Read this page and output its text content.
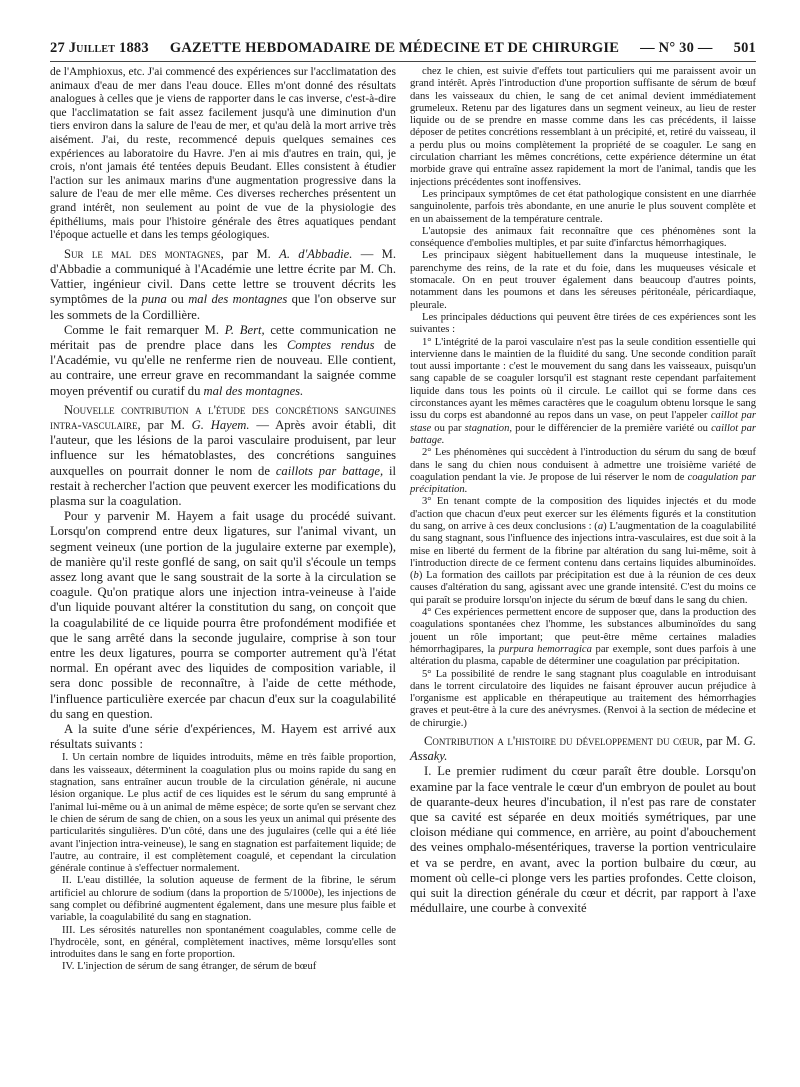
27 Juillet 1883 GAZETTE HEBDOMADAIRE DE MÉDECINE ET DE CHIRURGIE — N° 30 — 501

de l'Amphioxus, etc. J'ai commencé des expériences sur l'acclimatation des animaux d'eau de mer dans l'eau douce. Elles m'ont donné des résultats analogues à celles que je viens de rapporter dans le cas inverse, c'est-à-dire que l'acclimatation se fait assez facilement jusqu'à une diminution d'un tiers environ dans la salure de l'eau de mer, et qu'au delà la mort arrive très aisément. J'ai, du reste, recommencé depuis quelques semaines ces expériences au laboratoire du Havre. J'en ai mis d'autres en train, qui, je crois, n'ont jamais été tentées depuis Beudant. Elles consistent à étudier l'action sur les animaux marins d'une augmentation progressive dans la salure de l'eau de mer elle même. Ces diverses recherches présentent un grand intérêt, non seulement au point de vue de la physiologie des épithéliums, mais pour l'histoire générale des êtres aquatiques pendant l'époque actuelle et dans les temps géologiques.

Sur le mal des montagnes, par M. A. d'Abbadie. — M. d'Abbadie a communiqué à l'Académie une lettre écrite par M. Ch. Vattier, ingénieur civil. Dans cette lettre se trouvent décrits les symptômes de la puna ou mal des montagnes que l'on observe sur les sommets de la Cordillière.

Comme le fait remarquer M. P. Bert, cette communication ne méritait pas de prendre place dans les Comptes rendus de l'Académie, vu qu'elle ne renferme rien de nouveau. Elle contient, au contraire, une erreur grave en recommandant la saignée comme moyen préventif ou curatif du mal des montagnes.

Nouvelle contribution a l'étude des concrétions sanguines intra-vasculaire, par M. G. Hayem. — Après avoir établi, dit l'auteur, que les lésions de la paroi vasculaire produisent, par leur influence sur les hématoblastes, des concrétions sanguines auxquelles on pourrait donner le nom de caillots par battage, il restait à rechercher l'action que peuvent exercer les modifications du plasma sur la coagulation.

Pour y parvenir M. Hayem a fait usage du procédé suivant. Lorsqu'on comprend entre deux ligatures, sur l'animal vivant, un segment veineux (une portion de la jugulaire externe par exemple), de manière qu'il reste gonflé de sang, on sait qu'il s'écoule un temps assez long avant que le sang soustrait de la sorte à la circulation se coagule. Qu'on pratique alors une injection intra-veineuse à l'aide d'un liquide pouvant altérer la constitution du sang, on conçoit que la coagulabilité de ce liquide pourra être profondément modifiée et que le sang arrêté dans la seconde jugulaire, comprise à son tour entre les deux ligatures, pourra se comporter autrement qu'à l'état normal. En opérant avec des liquides de composition variable, il sera donc possible de reconnaître, à l'aide de cette méthode, l'influence particulière exercée par chacun d'eux sur la coagulabilité du sang en question.

A la suite d'une série d'expériences, M. Hayem est arrivé aux résultats suivants :

I. Un certain nombre de liquides introduits, même en très faible proportion, dans les vaisseaux, déterminent la coagulation plus ou moins rapide du sang en stagnation, sans entraîner aucun trouble de la circulation générale, ni aucune lésion organique. Le plus actif de ces liquides est le sérum du sang emprunté à l'animal lui-même ou à un animal de même espèce; de sorte qu'en se servant chez le chien de sérum de sang de chien, on a sous les yeux un animal qui présente des particularités singulières. D'un côté, dans une des jugulaires (celle qui a été liée avant l'injection intra-veineuse), le sang en stagnation est parfaitement liquide; de l'autre, au contraire, il est complètement coagulé, et cependant la circulation générale continue à s'effectuer normalement.

II. L'eau distillée, la solution aqueuse de ferment de la fibrine, le sérum artificiel au chlorure de sodium (dans la proportion de 5/1000e), les injections de sang complet ou défibriné augmentent également, dans une mesure plus faible et variable, la coagulabilité du sang en stagnation.

III. Les sérosités naturelles non spontanément coagulables, comme celle de l'hydrocèle, sont, en général, complètement inactives, même lorsqu'elles sont introduites dans le sang en forte proportion.

IV. L'injection de sérum de sang étranger, de sérum de bœuf

chez le chien, est suivie d'effets tout particuliers qui me paraissent avoir un grand intérêt. Après l'introduction d'une proportion suffisante de sérum de bœuf dans les vaisseaux du chien, le sang de cet animal devient immédiatement grumeleux. Retenu par des ligatures dans un segment veineux, au lieu de rester liquide ou de se prendre en masse comme dans les cas précédents, il laisse déposer de petites concrétions ressemblant à un précipité, et, retiré du vaisseau, il a perdu plus ou moins complètement la propriété de se coaguler. Le sang en circulation charriant les mêmes concrétions, cette expérience détermine un état morbide grave qui entraîne assez rapidement la mort de l'animal, tandis que les injections précédentes sont inoffensives.

Les principaux symptômes de cet état pathologique consistent en une diarrhée sanguinolente, parfois très abondante, en une anurie le plus souvent complète et en un abaissement de la température centrale.

L'autopsie des animaux fait reconnaître que ces phénomènes sont la conséquence d'embolies multiples, et par suite d'infarctus hémorrhagiques.

Les principaux siègent habituellement dans la muqueuse intestinale, le parenchyme des reins, de la rate et du foie, dans les muqueuses vésicale et stomacale. On en peut trouver également dans beaucoup d'autres points, notamment dans les poumons et dans les séreuses péritonéale, péricardiaque, pleurale.

Les principales déductions qui peuvent être tirées de ces expériences sont les suivantes :

1° L'intégrité de la paroi vasculaire n'est pas la seule condition essentielle qui intervienne dans le maintien de la fluidité du sang. Une seconde condition paraît tout aussi importante : c'est le mouvement du sang dans les vaisseaux, puisqu'un sang capable de se coaguler lorsqu'il est stagnant reste cependant parfaitement liquide dans tous les points où il circule. Le caillot qui se forme dans ces circonstances ayant les mêmes caractères que le coagulum obtenu lorsque le sang issu du corps est abandonné au repos dans un vase, on peut l'appeler caillot par stase ou par stagnation, pour le différencier de la première variété ou caillot par battage.

2° Les phénomènes qui succèdent à l'introduction du sérum du sang de bœuf dans le sang du chien nous conduisent à admettre une troisième variété de coagulation pendant la vie. Je propose de lui réserver le nom de coagulation par précipitation.

3° En tenant compte de la composition des liquides injectés et du mode d'action que chacun d'eux peut exercer sur les éléments figurés et la constitution du sang, on arrive à ces deux conclusions : (a) L'augmentation de la coagulabilité du sang stagnant, sous l'influence des injections intra-vasculaires, est due soit à la mise en liberté du ferment de la fibrine par altération du sang lui-même, soit à l'introduction directe de ce ferment contenu dans certains liquides albuminoïdes. (b) La formation des caillots par précipitation est due à la réunion de ces deux causes d'altération du sang, agissant avec une grande intensité. C'est du moins ce qui paraît se produire lorsqu'on injecte du sérum de bœuf dans le sang du chien.

4° Ces expériences permettent encore de supposer que, dans la production des coagulations spontanées chez l'homme, les substances albuminoïdes du sang jouent un rôle important; que peut-être même certaines maladies hémorrhagipares, la purpura hemorragica par exemple, sont dues parfois à une altération du plasma, capable de déterminer une coagulation par précipitation.

5° La possibilité de rendre le sang stagnant plus coagulable en introduisant dans le torrent circulatoire des liquides ne faisant éprouver aucun préjudice à l'organisme est applicable en thérapeutique au traitement des hémorrhagies graves et peut-être à la cure des anévrysmes. (Renvoi à la section de médecine et de chirurgie.)

Contribution a l'histoire du développement du cœur, par M. G. Assaky.

I. Le premier rudiment du cœur paraît être double. Lorsqu'on examine par la face ventrale le cœur d'un embryon de poulet au bout de quarante-deux heures d'incubation, il n'est pas rare de constater que sa cavité est séparée en deux moitiés symétriques, par une cloison médiane qui commence, en arrière, au point d'abouchement des veines omphalo-mésentériques, traverse la portion ventriculaire et va se perdre, en avant, avec la portion bulbaire du cœur, au moment où celle-ci plonge vers les parties profondes. Cette cloison, qui suit la direction générale du cœur et décrit, par rapport à l'axe médullaire, une courbe à convexité
